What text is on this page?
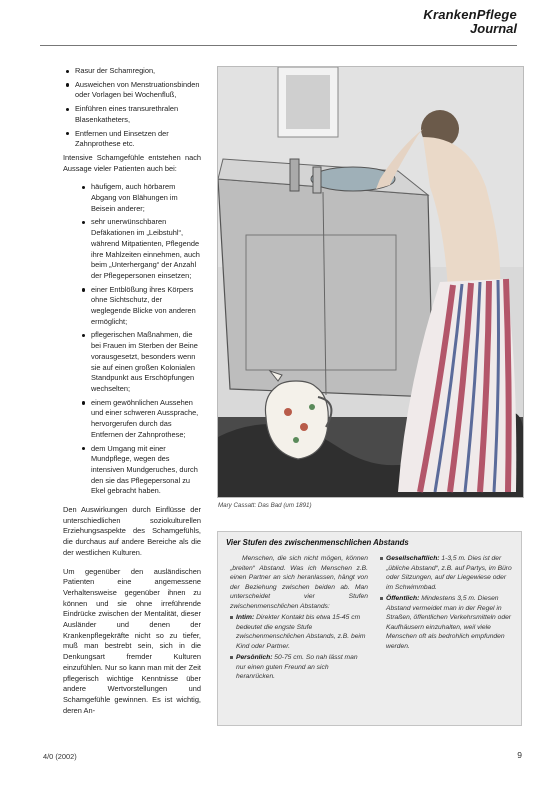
KrankenPflege
Journal
Rasur der Schamregion,
Ausweichen von Menstruationsbinden oder Vorlagen bei Wochenfluß,
Einführen eines transurethralen Blasenkatheters,
Entfernen und Einsetzen der Zahnprothese etc.

Intensive Schamgefühle entstehen nach Aussage vieler Patienten auch bei:

häufigem, auch hörbarem Abgang von Blähungen im Beisein anderer;
sehr unerwünschbaren Defäkationen im „Leibstuhl“, während Mitpatienten, Pflegende ihre Mahlzeiten einnehmen, auch beim „Unterhergang“ der Anzahl der Pflegepersonen einsetzen;
einer Entblößung ihres Körpers ohne Sichtschutz, der weglegende Blicke von anderen ermöglicht;
pflegerischen Maßnahmen, die bei Frauen im Sterben der Beine vorausgesetzt, besonders wenn sie auf einen großen Kolonialen Standpunkt aus Erschöpfungen wechselten;
einem gewöhnlichen Aussehen und einer schweren Aussprache, hervorgerufen durch das Entfernen der Zahnprothese;
dem Umgang mit einer Mundpflege, wegen des intensiven Mundgeruches, durch den sie das Pflegepersonal zu Ekel gebracht haben.

Den Auswirkungen durch Einflüsse der unterschiedlichen soziokulturellen Erziehungsaspekte des Schamgefühls, die durchaus auf andere Bereiche als die der westlichen Kulturen.

Um gegenüber den ausländischen Patienten eine angemessene Verhaltensweise gegenüber ihnen zu können und sie ohne irreführende Eindrücke zwischen der Mentalität, dieser Ausländer und denen der Krankenpflegekräfte nicht so zu tiefer, muß man bestrebt sein, sich in die Denkungsart fremder Kulturen einzufühlen. Nur so kann man mit der Zeit pflegerisch wichtige Kenntnisse über andere Wertvorstellungen und Schamgefühle gewinnen. Es ist wichtig, deren An-

Mary Cassatt: Das Bad (um 1891)
Vier Stufen des zwischenmenschlichen Abstands

Menschen, die sich nicht mögen, können „breiten“ Abstand. Was ich Menschen z.B. einen Partner an sich heranlassen, hängt von der Beziehung zwischen beiden ab. Man unterscheidet vier Stufen zwischenmenschlichen Abstands:

Intim: Direkter Kontakt bis etwa 15-45 cm bedeutet die engste Stufe zwischenmenschlichen Abstands, z.B. beim Kind oder Partner.
Persönlich: 50-75 cm. So nah lässt man nur einen guten Freund an sich heranrücken.
Gesellschaftlich: 1-3,5 m. Dies ist der „übliche Abstand“, z.B. auf Partys, im Büro oder Sitzungen, auf der Liegewiese oder im Schwimmbad.
Öffentlich: Mindestens 3,5 m. Diesen Abstand vermeidet man in der Regel in Straßen, öffentlichen Verkehrsmitteln oder Kaufhäusern einzuhalten, weil viele Menschen oft als bedrohlich empfunden werden.
4/0 (2002)	9
